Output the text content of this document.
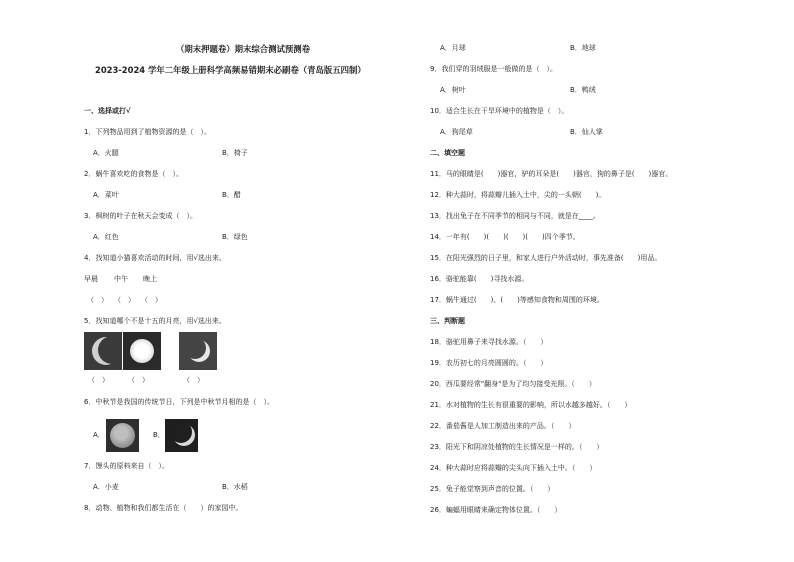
（期末押题卷）期末综合测试预测卷
2023-2024 学年二年级上册科学高频易错期末必刷卷（青岛版五四制）
一、选择或打√
1．下列物品用到了植物资源的是（　）。
A．火腿	B．椅子
2．蜗牛喜欢吃的食物是（　）。
A．菜叶	B．醋
3．枫树的叶子在秋天会变成（　）。
A．红色	B．绿色
4．找知道小猫喜欢活动的时间，用√选出来。
早晨 中午 晚上
（　） （　） （　）
5．找知道哪个不是十五的月亮，用√选出来。
（　）	（　）	（　）
6．中秋节是我国的传统节日，下列是中秋节月相的是（　）。
A．	B．
7．馒头的原料来自（　）。
A．小麦	B．水稻
8．动物、植物和我们都生活在（　　）的家园中。
A．月球	B．地球
9．我们穿的羽绒服是一般做的是（　）。
A．树叶	B．鸭绒
10．适合生长在干旱环境中的植物是（　）。
A．狗尾草	B．仙人掌
二、填空题
11．马的眼睛是(　　)器官，驴的耳朵是(　　)器官，狗的鼻子是(　　)器官。
12．种大蒜时，将蒜瓣儿插入土中，尖的一头朝(　　)。
13．找出兔子在不同季节的相同与不同，就是在____。
14．一年有(　　)(　　)(　　)(　　)四个季节。
15．在阳光强烈的日子里，和家人进行户外活动时，事先准备(　　)用品。
16．骆驼能靠(　　)寻找水源。
17．蜗牛通过(　　)、(　　)等感知食物和周围的环境。
三、判断题
18．骆驼用鼻子来寻找水源。（　　）
19．农历初七的月亮圆圆的。（　　）
20．西瓜要经常"翻身"是为了均匀接受光照。（　　）
21．水对植物的生长有很重要的影响，所以水越多越好。（　　）
22．番茄酱是人加工制造出来的产品。（　　）
23．阳光下和阴凉处植物的生长情况是一样的。（　　）
24．种大蒜时应将蒜瓣的尖头向下插入土中。（　　）
25．兔子能觉察到声音的位置。（　　）
26．蝙蝠用眼睛来确定物体位置。（　　）
